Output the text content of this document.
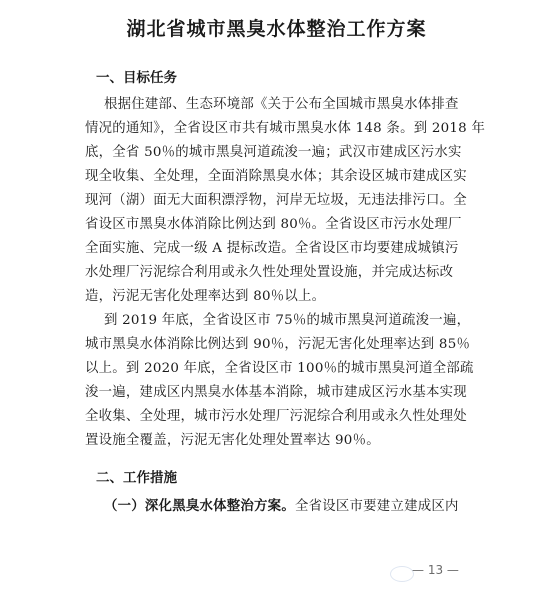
湖北省城市黑臭水体整治工作方案
一、目标任务
根据住建部、生态环境部《关于公布全国城市黑臭水体排查
情况的通知》，全省设区市共有城市黑臭水体 148 条。到 2018 年
底，全省 50％的城市黑臭河道疏浚一遍；武汉市建成区污水实
现全收集、全处理，全面消除黑臭水体；其余设区城市建成区实
现河（湖）面无大面积漂浮物，河岸无垃圾，无违法排污口。全
省设区市黑臭水体消除比例达到 80％。全省设区市污水处理厂
全面实施、完成一级 A 提标改造。全省设区市均要建成城镇污
水处理厂污泥综合利用或永久性处理处置设施，并完成达标改
造，污泥无害化处理率达到 80％以上。
到 2019 年底，全省设区市 75％的城市黑臭河道疏浚一遍，
城市黑臭水体消除比例达到 90％，污泥无害化处理率达到 85％
以上。到 2020 年底，全省设区市 100％的城市黑臭河道全部疏
浚一遍，建成区内黑臭水体基本消除，城市建成区污水基本实现
全收集、全处理，城市污水处理厂污泥综合利用或永久性处理处
置设施全覆盖，污泥无害化处理处置率达 90％。
二、工作措施
（一）深化黑臭水体整治方案。全省设区市要建立建成区内
— 13 —
